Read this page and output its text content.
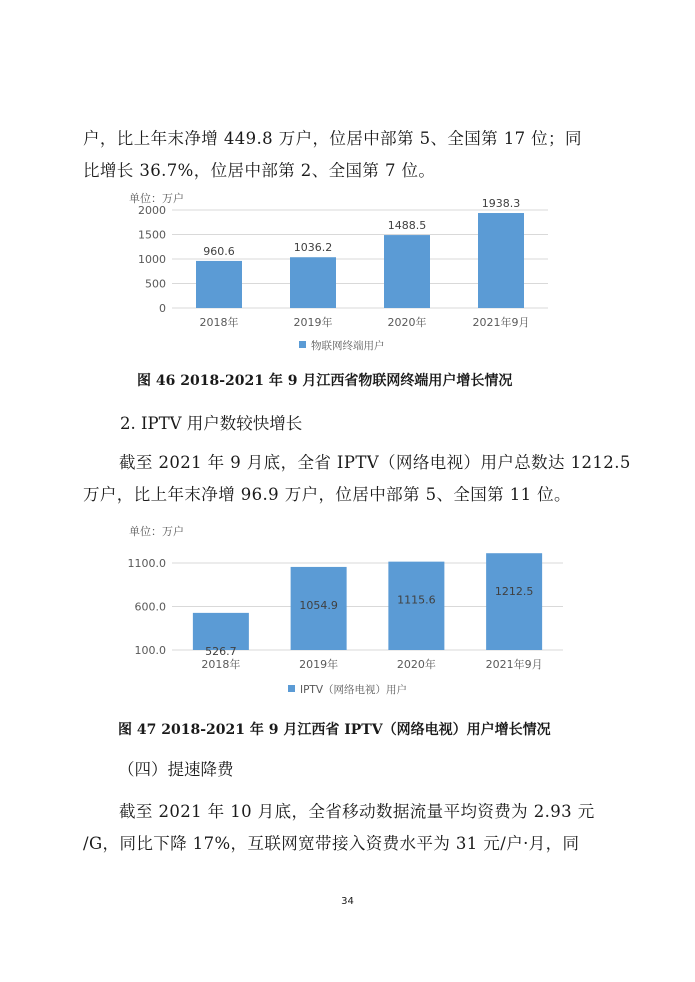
户，比上年末净增 449.8 万户，位居中部第 5、全国第 17 位；同
比增长 36.7%，位居中部第 2、全国第 7 位。

单位：万户
0
500
1000
1500
2000
960.6
2018年
1036.2
2019年
1488.5
2020年
1938.3
2021年9月
物联网终端用户

图 46 2018-2021 年 9 月江西省物联网终端用户增长情况

2. IPTV 用户数较快增长

截至 2021 年 9 月底，全省 IPTV（网络电视）用户总数达 1212.5
万户，比上年末净增 96.9 万户，位居中部第 5、全国第 11 位。

单位：万户
100.0
600.0
1100.0
526.7
2018年
1054.9
2019年
1115.6
2020年
1212.5
2021年9月
IPTV（网络电视）用户

图 47 2018-2021 年 9 月江西省 IPTV（网络电视）用户增长情况

（四）提速降费

截至 2021 年 10 月底，全省移动数据流量平均资费为 2.93 元
/G，同比下降 17%，互联网宽带接入资费水平为 31 元/户·月，同

34
